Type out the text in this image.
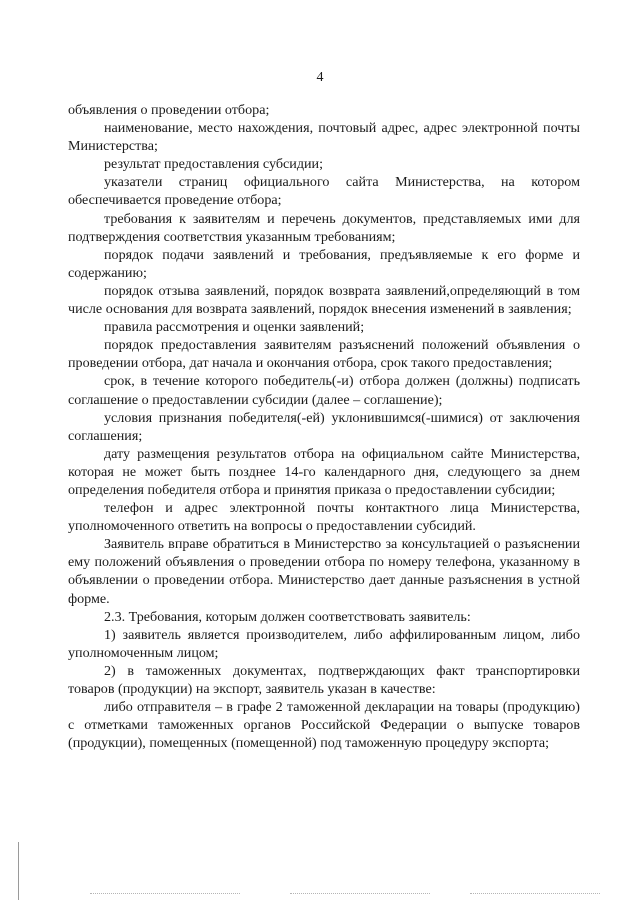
4

объявления о проведении отбора;

наименование, место нахождения, почтовый адрес, адрес электронной почты Министерства;

результат предоставления субсидии;

указатели страниц официального сайта Министерства, на котором обеспечивается проведение отбора;

требования к заявителям и перечень документов, представляемых ими для подтверждения соответствия указанным требованиям;

порядок подачи заявлений и требования, предъявляемые к его форме и содержанию;

порядок отзыва заявлений, порядок возврата заявлений,определяющий в том числе основания для возврата заявлений, порядок внесения изменений в заявления;

правила рассмотрения и оценки заявлений;

порядок предоставления заявителям разъяснений положений объявления о проведении отбора, дат начала и окончания отбора, срок такого предоставления;

срок, в течение которого победитель(-и) отбора должен (должны) подписать соглашение о предоставлении субсидии (далее – соглашение);

условия признания победителя(-ей) уклонившимся(-шимися) от заключения соглашения;

дату размещения результатов отбора на официальном сайте Министерства, которая не может быть позднее 14-го календарного дня, следующего за днем определения победителя отбора и принятия приказа о предоставлении субсидии;

телефон и адрес электронной почты контактного лица Министерства, уполномоченного ответить на вопросы о предоставлении субсидий.

Заявитель вправе обратиться в Министерство за консультацией о разъяснении ему положений объявления о проведении отбора по номеру телефона, указанному в объявлении о проведении отбора. Министерство дает данные разъяснения в устной форме.

2.3. Требования, которым должен соответствовать заявитель:

1) заявитель является производителем, либо аффилированным лицом, либо уполномоченным лицом;

2) в таможенных документах, подтверждающих факт транспортировки товаров (продукции) на экспорт, заявитель указан в качестве:

либо отправителя – в графе 2 таможенной декларации на товары (продукцию) с отметками таможенных органов Российской Федерации о выпуске товаров (продукции), помещенных (помещенной) под таможенную процедуру экспорта;
